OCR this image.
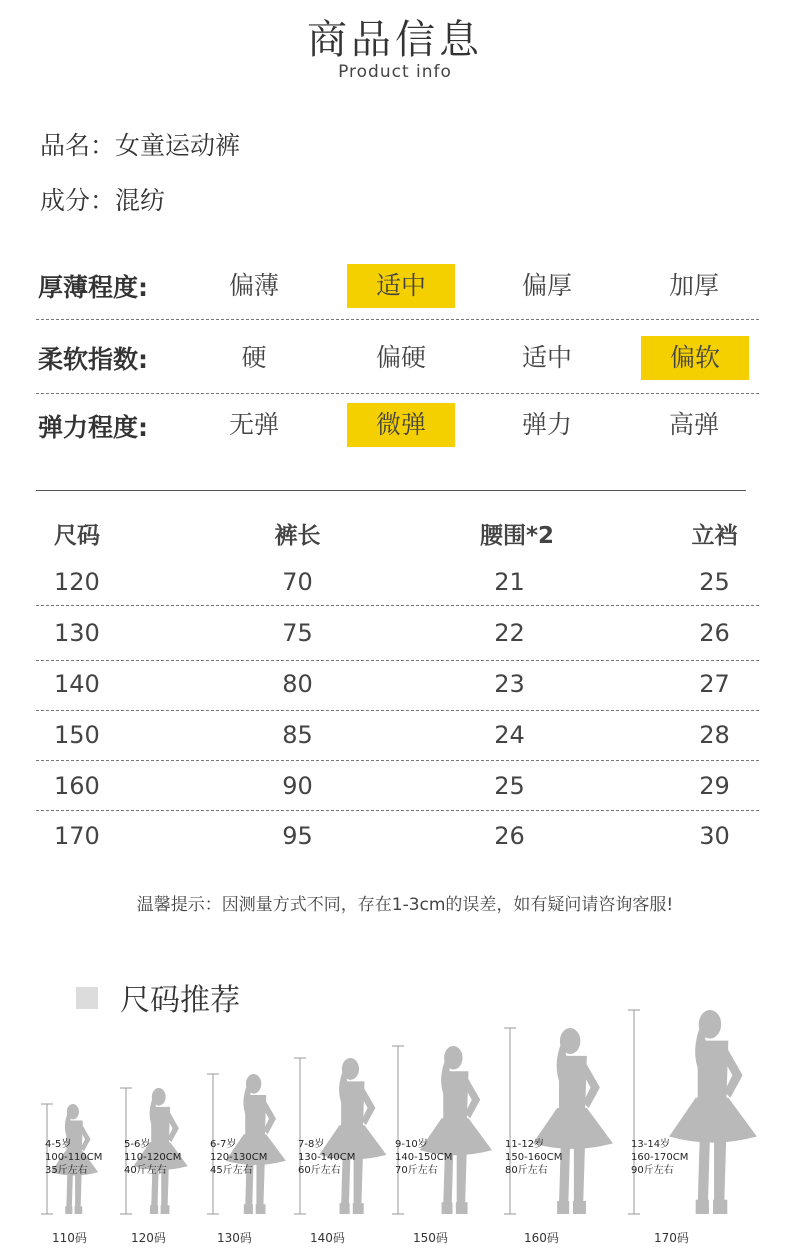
商品信息
Product info
品名：女童运动裤
成分：混纺
厚薄程度:	偏薄	适中	偏厚	加厚
柔软指数:	硬	偏硬	适中	偏软
弹力程度:	无弹	微弹	弹力	高弹
尺码	裤长	腰围*2	立裆
120	70	21	25
130	75	22	26
140	80	23	27
150	85	24	28
160	90	25	29
170	95	26	30
温馨提示：因测量方式不同，存在1-3cm的误差，如有疑问请咨询客服!
尺码推荐
4-5岁
100-110CM
35斤左右
5-6岁
110-120CM
40斤左右
6-7岁
120-130CM
45斤左右
7-8岁
130-140CM
60斤左右
9-10岁
140-150CM
70斤左右
11-12岁
150-160CM
80斤左右
13-14岁
160-170CM
90斤左右
110码	120码	130码	140码	150码	160码	170码
